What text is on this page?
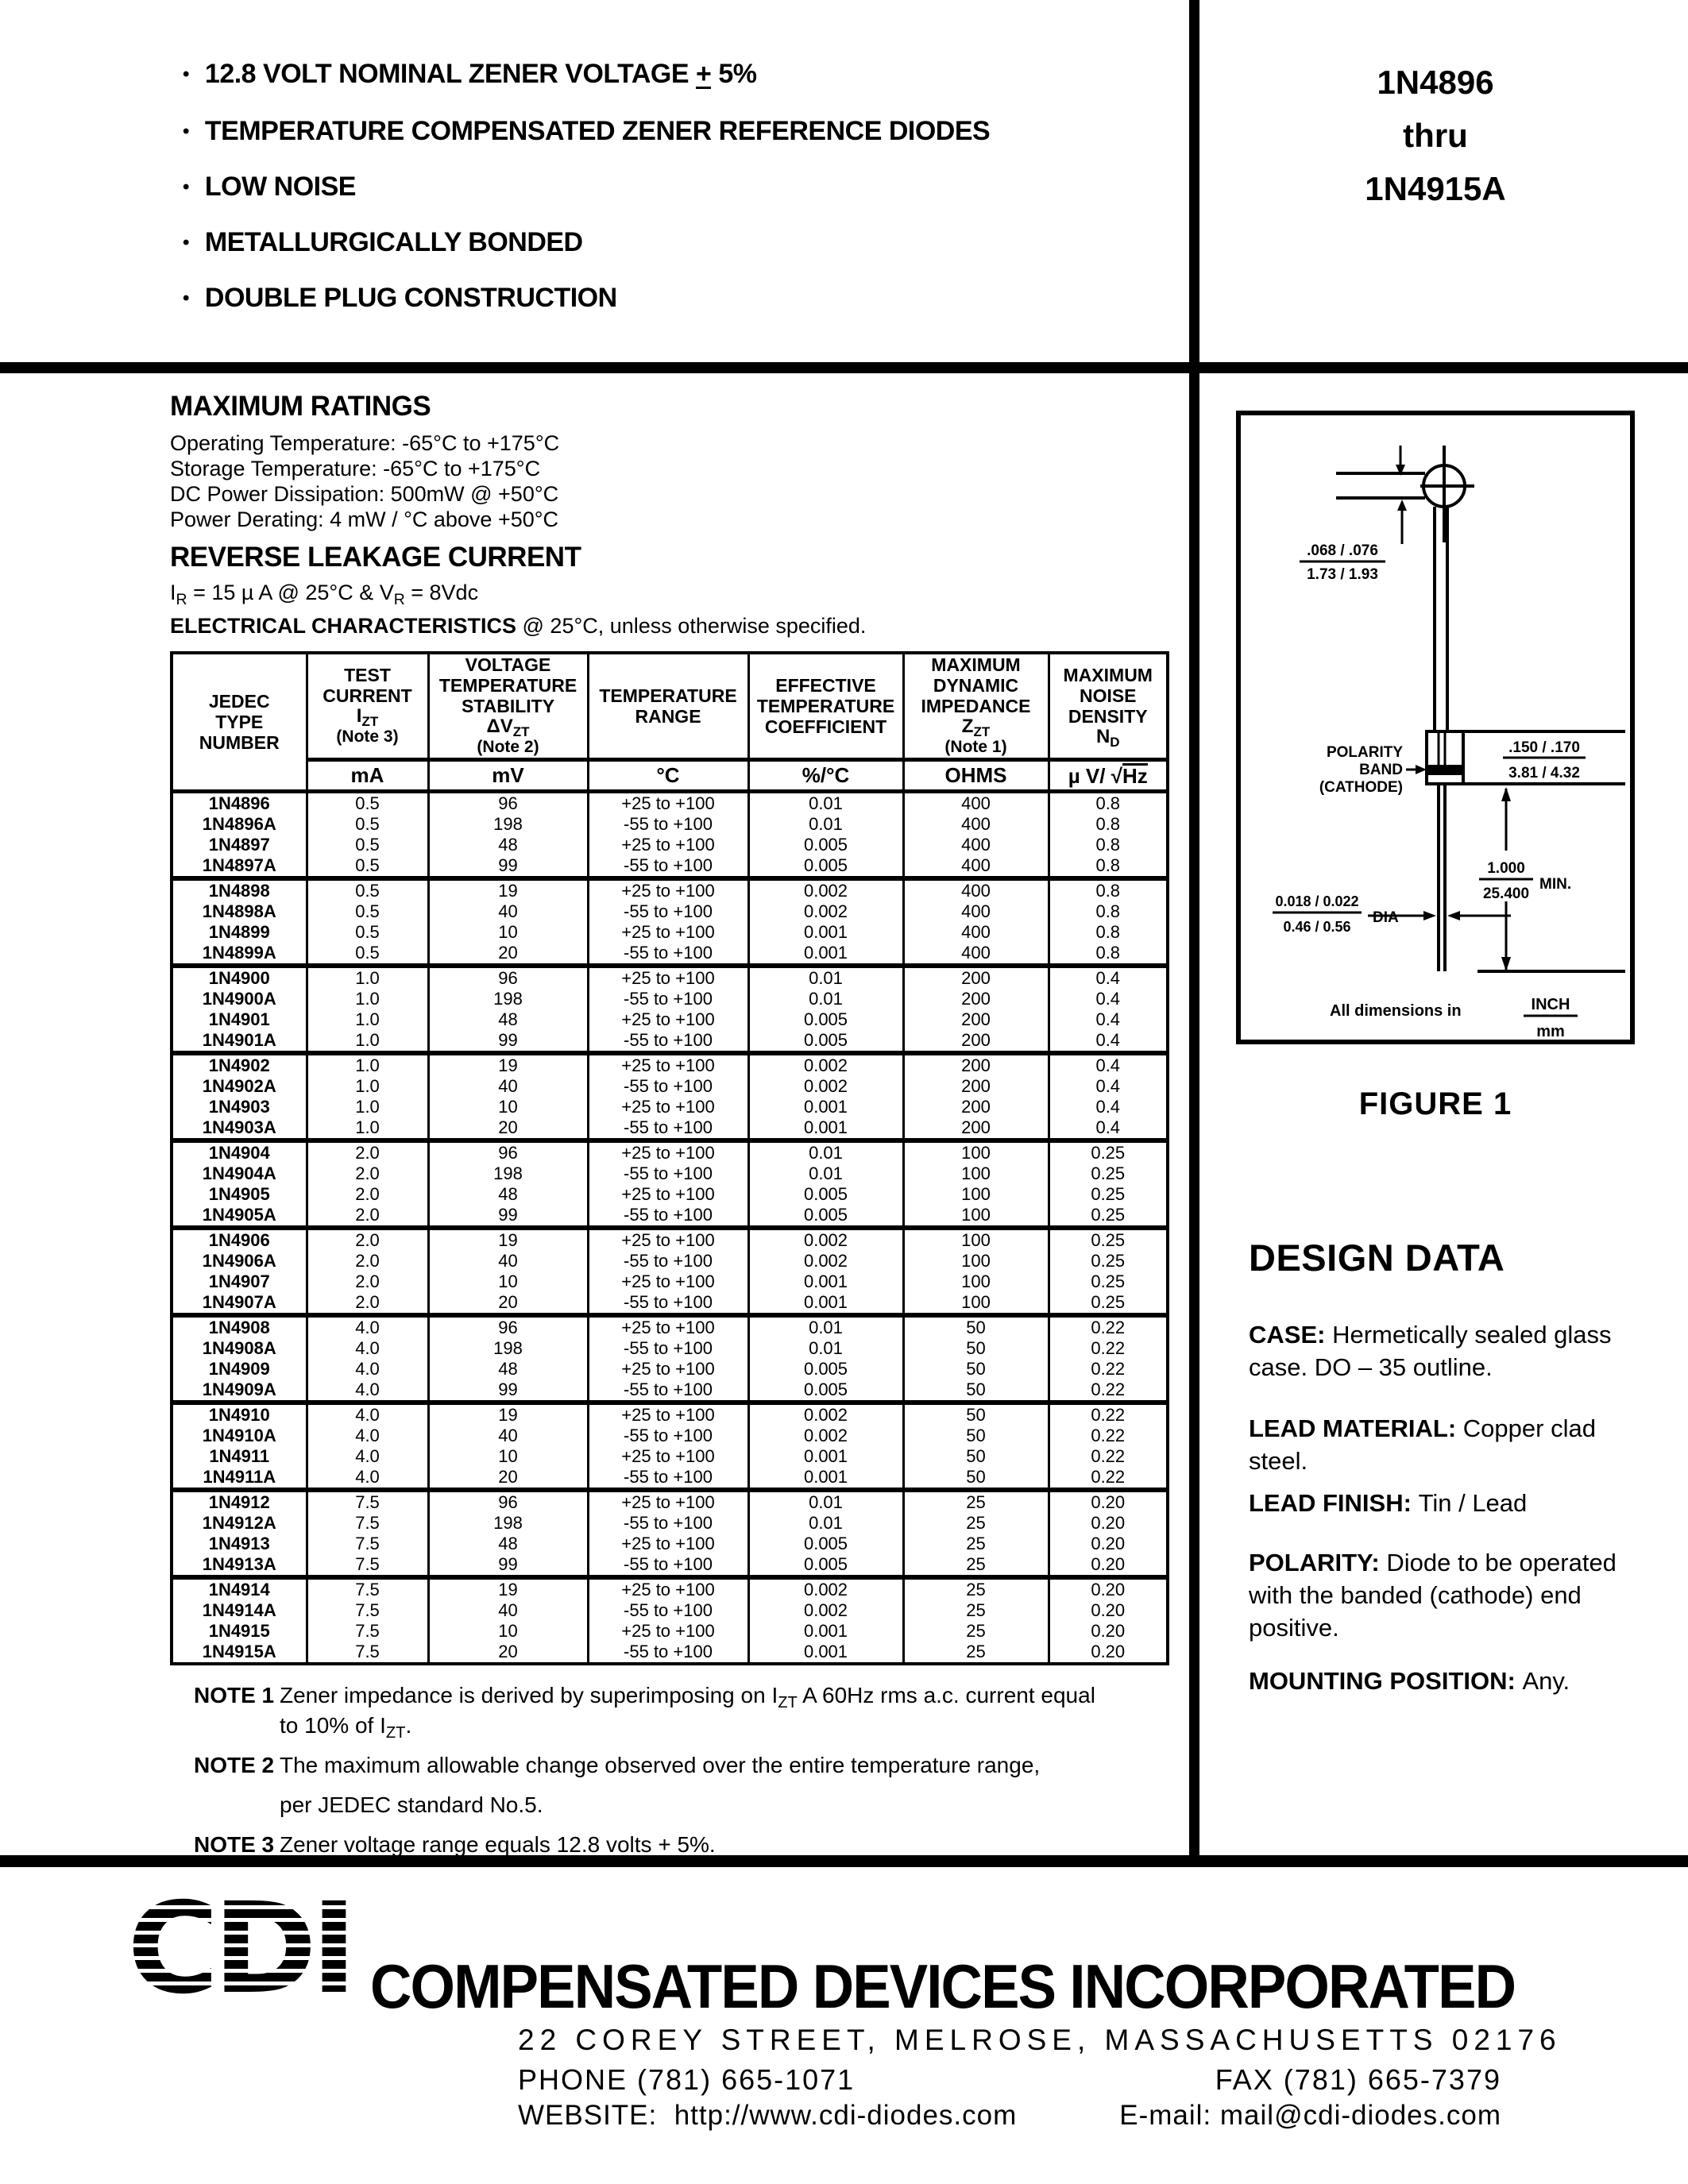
• 12.8 VOLT NOMINAL ZENER VOLTAGE + 5%
• TEMPERATURE COMPENSATED ZENER REFERENCE DIODES
• LOW NOISE
• METALLURGICALLY BONDED
• DOUBLE PLUG CONSTRUCTION
1N4896
thru
1N4915A
MAXIMUM RATINGS
Operating Temperature: -65°C to +175°C
Storage Temperature: -65°C to +175°C
DC Power Dissipation: 500mW @ +50°C
Power Derating: 4 mW / °C above +50°C
REVERSE LEAKAGE CURRENT
$I_R = 15$ µ A @ 25°C & $V_R = 8Vdc$
ELECTRICAL CHARACTERISTICS @ 25°C, unless otherwise specified.
JEDEC
TYPE
NUMBER

TEST
CURRENT
$I_{ZT}$
(Note 3)

VOLTAGE
TEMPERATURE
STABILITY
$\Delta V_{ZT}$
(Note 2)

TEMPERATURE
RANGE

EFFECTIVE
TEMPERATURE
COEFFICIENT

MAXIMUM
DYNAMIC
IMPEDANCE
$Z_{ZT}$
(Note 1)

MAXIMUM
NOISE
DENSITY
$N_D$

	mA	mV	°C	%/°C	OHMS	µ V/ √Hz
1N4896	0.5	96	+25 to +100	0.01	400	0.8
1N4896A	0.5	198	-55 to +100	0.01	400	0.8
1N4897	0.5	48	+25 to +100	0.005	400	0.8
1N4897A	0.5	99	-55 to +100	0.005	400	0.8
1N4898	0.5	19	+25 to +100	0.002	400	0.8
1N4898A	0.5	40	-55 to +100	0.002	400	0.8
1N4899	0.5	10	+25 to +100	0.001	400	0.8
1N4899A	0.5	20	-55 to +100	0.001	400	0.8
1N4900	1.0	96	+25 to +100	0.01	200	0.4
1N4900A	1.0	198	-55 to +100	0.01	200	0.4
1N4901	1.0	48	+25 to +100	0.005	200	0.4
1N4901A	1.0	99	-55 to +100	0.005	200	0.4
1N4902	1.0	19	+25 to +100	0.002	200	0.4
1N4902A	1.0	40	-55 to +100	0.002	200	0.4
1N4903	1.0	10	+25 to +100	0.001	200	0.4
1N4903A	1.0	20	-55 to +100	0.001	200	0.4
1N4904	2.0	96	+25 to +100	0.01	100	0.25
1N4904A	2.0	198	-55 to +100	0.01	100	0.25
1N4905	2.0	48	+25 to +100	0.005	100	0.25
1N4905A	2.0	99	-55 to +100	0.005	100	0.25
1N4906	2.0	19	+25 to +100	0.002	100	0.25
1N4906A	2.0	40	-55 to +100	0.002	100	0.25
1N4907	2.0	10	+25 to +100	0.001	100	0.25
1N4907A	2.0	20	-55 to +100	0.001	100	0.25
1N4908	4.0	96	+25 to +100	0.01	50	0.22
1N4908A	4.0	198	-55 to +100	0.01	50	0.22
1N4909	4.0	48	+25 to +100	0.005	50	0.22
1N4909A	4.0	99	-55 to +100	0.005	50	0.22
1N4910	4.0	19	+25 to +100	0.002	50	0.22
1N4910A	4.0	40	-55 to +100	0.002	50	0.22
1N4911	4.0	10	+25 to +100	0.001	50	0.22
1N4911A	4.0	20	-55 to +100	0.001	50	0.22
1N4912	7.5	96	+25 to +100	0.01	25	0.20
1N4912A	7.5	198	-55 to +100	0.01	25	0.20
1N4913	7.5	48	+25 to +100	0.005	25	0.20
1N4913A	7.5	99	-55 to +100	0.005	25	0.20
1N4914	7.5	19	+25 to +100	0.002	25	0.20
1N4914A	7.5	40	-55 to +100	0.002	25	0.20
1N4915	7.5	10	+25 to +100	0.001	25	0.20
1N4915A	7.5	20	-55 to +100	0.001	25	0.20
NOTE 1 Zener impedance is derived by superimposing on $I_{ZT}$ A 60Hz rms a.c. current equal
to 10% of $I_{ZT}$.
NOTE 2 The maximum allowable change observed over the entire temperature range,
per JEDEC standard No.5.
NOTE 3 Zener voltage range equals 12.8 volts + 5%.
.068 / .076
1.73 / 1.93
.150 / .170
3.81 / 4.32
1.000
25.400
MIN.
0.018 / 0.022
0.46 / 0.56
DIA
POLARITY
BAND
(CATHODE)
All dimensions in	INCH
mm
FIGURE 1
DESIGN DATA

CASE: Hermetically sealed glass case. DO – 35 outline.

LEAD MATERIAL: Copper clad steel.

LEAD FINISH: Tin / Lead

POLARITY: Diode to be operated with the banded (cathode) end positive.

MOUNTING POSITION: Any.

CDI COMPENSATED DEVICES INCORPORATED
22 COREY STREET, MELROSE, MASSACHUSETTS 02176
PHONE (781) 665-1071	FAX (781) 665-7379
WEBSITE: http://www.cdi-diodes.com	E-mail: mail@cdi-diodes.com
